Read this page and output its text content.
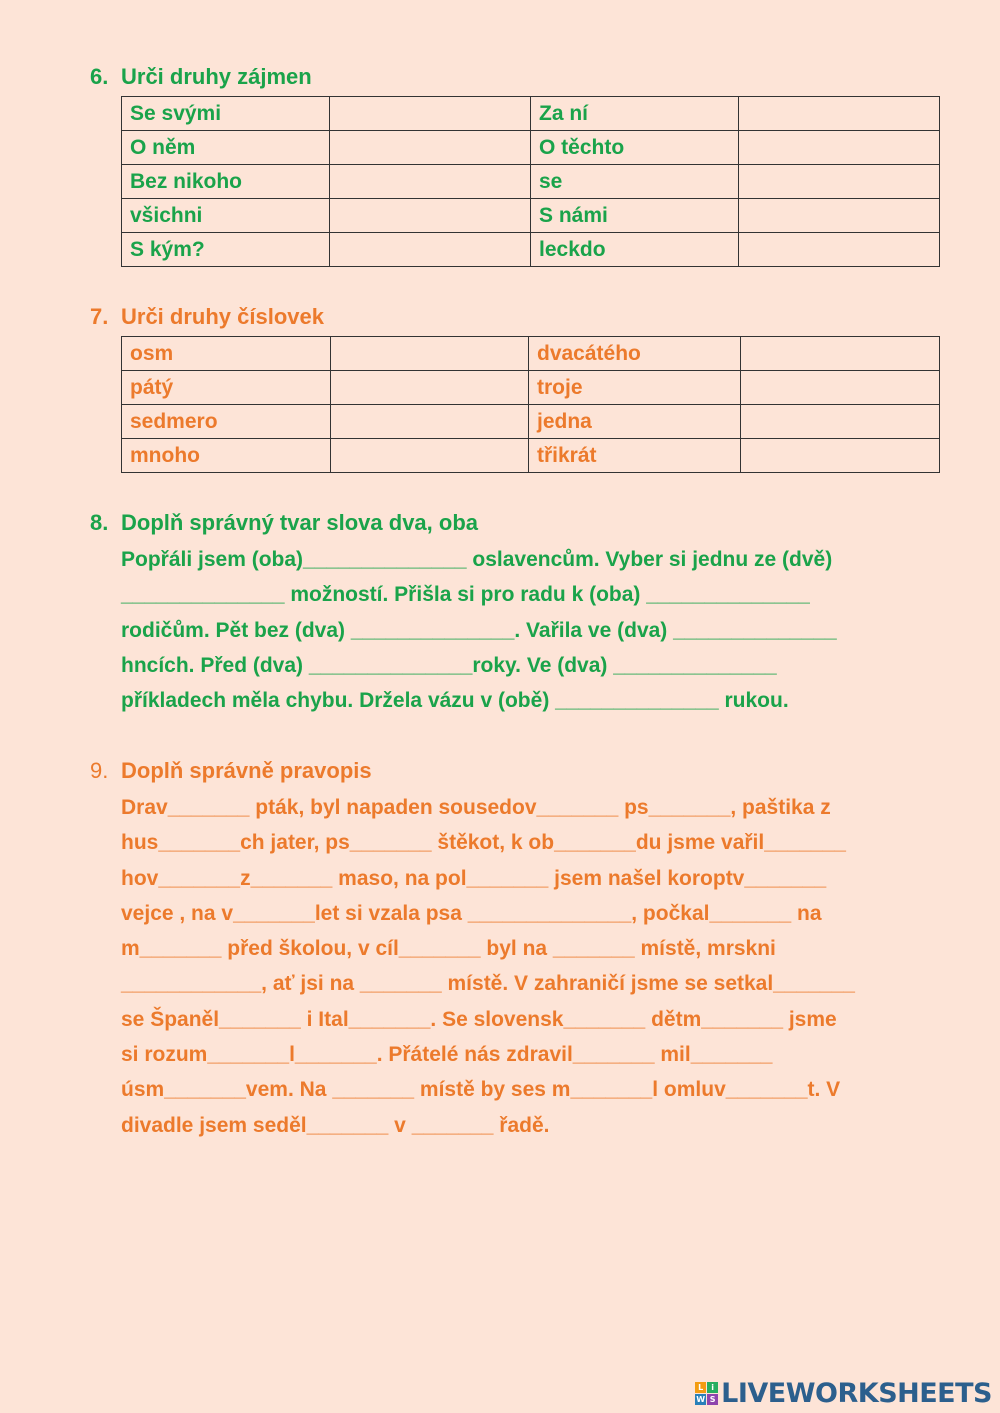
6. Urči druhy zájmen
Se svými		Za ní	
O něm		O těchto	
Bez nikoho		se	
všichni		S námi	
S kým?		leckdo	
7. Urči druhy číslovek
osm		dvacátého	
pátý		troje	
sedmero		jedna	
mnoho		třikrát	
8. Doplň správný tvar slova dva, oba
Popřáli jsem (oba)______________ oslavencům. Vyber si jednu ze (dvě)
______________ možností. Přišla si pro radu k (oba) ______________
rodičům. Pět bez (dva) ______________. Vařila ve (dva) ______________
hncích. Před (dva) ______________roky. Ve (dva) ______________
příkladech měla chybu. Držela vázu v (obě) ______________ rukou.
9. Doplň správně pravopis
Drav_______ pták, byl napaden sousedov_______ ps_______, paštika z
hus_______ch jater, ps_______ štěkot, k ob_______du jsme vařil_______
hov_______z_______ maso, na pol_______ jsem našel koroptv_______
vejce , na v_______let si vzala psa ______________, počkal_______ na
m_______ před školou, v cíl_______ byl na _______ místě, mrskni
____________, ať jsi na _______ místě. V zahraničí jsme se setkal_______
se Španěl_______ i Ital_______. Se slovensk_______ dětm_______ jsme
si rozum_______l_______. Přátelé nás zdravil_______ mil_______
úsm_______vem. Na _______ místě by ses m_______l omluv_______t. V
divadle jsem seděl_______ v _______ řadě.
L	i
W S LIVEWORKSHEETS
